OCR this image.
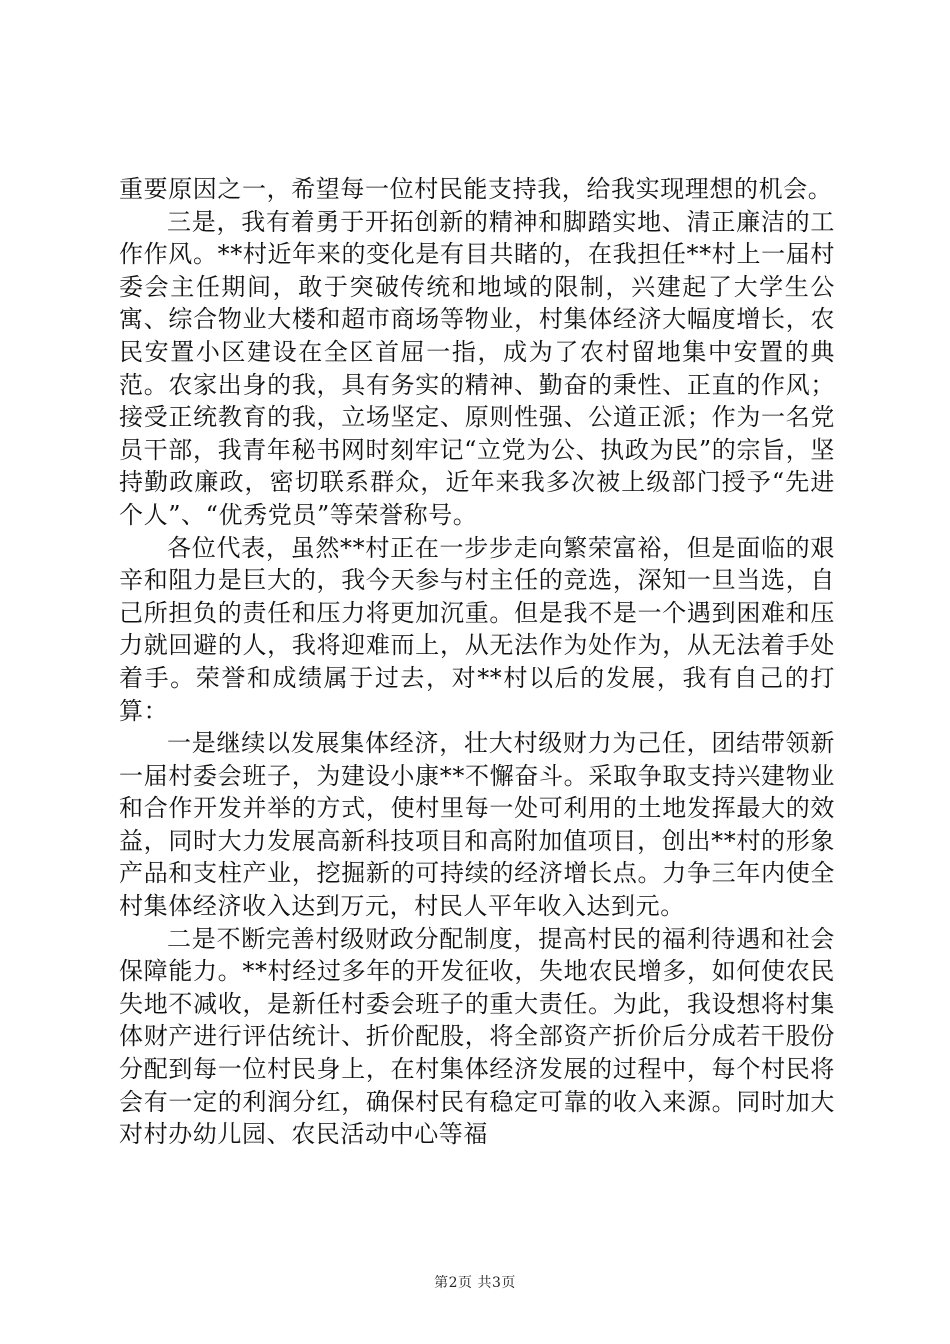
重要原因之一，希望每一位村民能支持我，给我实现理想的机会。

三是，我有着勇于开拓创新的精神和脚踏实地、清正廉洁的工作作风。**村近年来的变化是有目共睹的，在我担任**村上一届村委会主任期间，敢于突破传统和地域的限制，兴建起了大学生公寓、综合物业大楼和超市商场等物业，村集体经济大幅度增长，农民安置小区建设在全区首屈一指，成为了农村留地集中安置的典范。农家出身的我，具有务实的精神、勤奋的秉性、正直的作风；接受正统教育的我，立场坚定、原则性强、公道正派；作为一名党员干部，我青年秘书网时刻牢记“立党为公、执政为民”的宗旨，坚持勤政廉政，密切联系群众，近年来我多次被上级部门授予“先进个人”、“优秀党员”等荣誉称号。

各位代表，虽然**村正在一步步走向繁荣富裕，但是面临的艰辛和阻力是巨大的，我今天参与村主任的竞选，深知一旦当选，自己所担负的责任和压力将更加沉重。但是我不是一个遇到困难和压力就回避的人，我将迎难而上，从无法作为处作为，从无法着手处着手。荣誉和成绩属于过去，对**村以后的发展，我有自己的打算：

一是继续以发展集体经济，壮大村级财力为己任，团结带领新一届村委会班子，为建设小康**不懈奋斗。采取争取支持兴建物业和合作开发并举的方式，使村里每一处可利用的土地发挥最大的效益，同时大力发展高新科技项目和高附加值项目，创出**村的形象产品和支柱产业，挖掘新的可持续的经济增长点。力争三年内使全村集体经济收入达到万元，村民人平年收入达到元。

二是不断完善村级财政分配制度，提高村民的福利待遇和社会保障能力。**村经过多年的开发征收，失地农民增多，如何使农民失地不减收，是新任村委会班子的重大责任。为此，我设想将村集体财产进行评估统计、折价配股，将全部资产折价后分成若干股份分配到每一位村民身上，在村集体经济发展的过程中，每个村民将会有一定的利润分红，确保村民有稳定可靠的收入来源。同时加大对村办幼儿园、农民活动中心等福

第2页 共3页
